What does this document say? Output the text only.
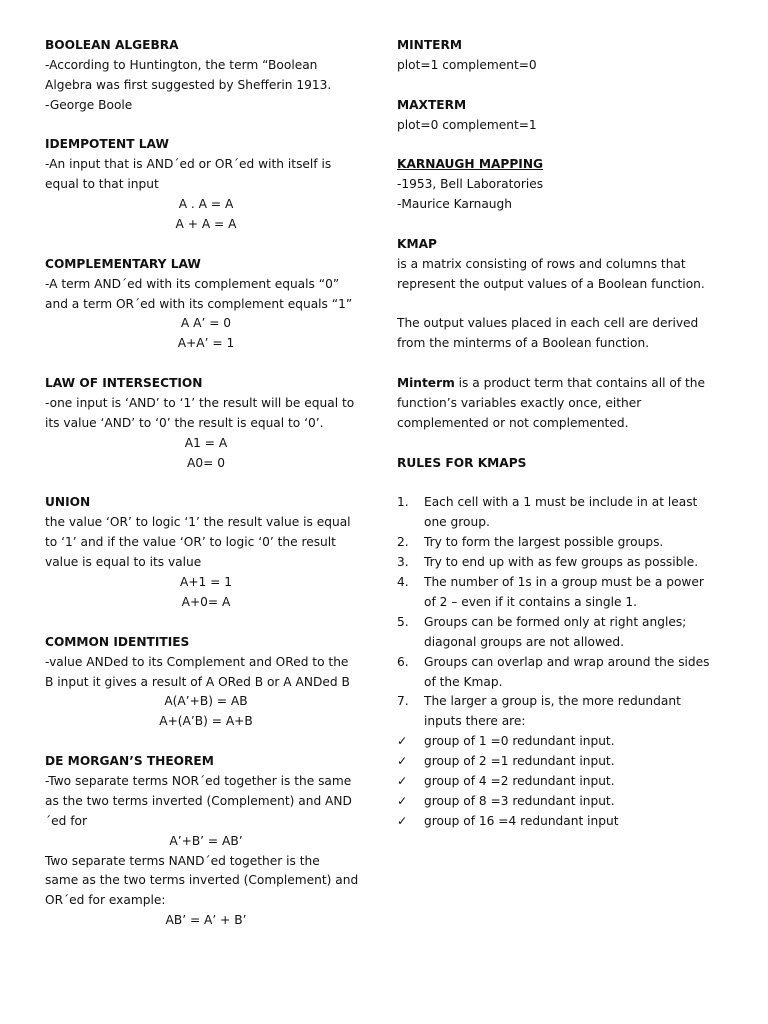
BOOLEAN ALGEBRA
-According to Huntington, the term “Boolean
Algebra was first suggested by Shefferin 1913.
-George Boole
IDEMPOTENT LAW
-An input that is AND´ed or OR´ed with itself is
equal to that input
A . A = A
A + A = A
COMPLEMENTARY LAW
-A term AND´ed with its complement equals “0”
and a term OR´ed with its complement equals “1”
A A’ = 0
A+A’ = 1
LAW OF INTERSECTION
-one input is ‘AND’ to ‘1’ the result will be equal to
its value ‘AND’ to ‘0’ the result is equal to ‘0’.
A1 = A
A0= 0
UNION
the value ‘OR’ to logic ‘1’ the result value is equal
to ‘1’ and if the value ‘OR’ to logic ‘0’ the result
value is equal to its value
A+1 = 1
A+0= A
COMMON IDENTITIES
-value ANDed to its Complement and ORed to the
B input it gives a result of A ORed B or A ANDed B
A(A’+B) = AB
A+(A’B) = A+B
DE MORGAN’S THEOREM
-Two separate terms NOR´ed together is the same
as the two terms inverted (Complement) and AND
´ed for
A’+B’ = AB’
Two separate terms NAND´ed together is the
same as the two terms inverted (Complement) and
OR´ed for example:
AB’ = A’ + B’
MINTERM
plot=1 complement=0
MAXTERM
plot=0 complement=1
KARNAUGH MAPPING
-1953, Bell Laboratories
-Maurice Karnaugh
KMAP
is a matrix consisting of rows and columns that
represent the output values of a Boolean function.
The output values placed in each cell are derived
from the minterms of a Boolean function.
Minterm is a product term that contains all of the
function’s variables exactly once, either
complemented or not complemented.
RULES FOR KMAPS
1.	Each cell with a 1 must be include in at least
one group.
2.	Try to form the largest possible groups.
3.	Try to end up with as few groups as possible.
4.	The number of 1s in a group must be a power
of 2 – even if it contains a single 1.
5.	Groups can be formed only at right angles;
diagonal groups are not allowed.
6.	Groups can overlap and wrap around the sides
of the Kmap.
7.	The larger a group is, the more redundant
inputs there are:
✓	group of 1 =0 redundant input.
✓	group of 2 =1 redundant input.
✓	group of 4 =2 redundant input.
✓	group of 8 =3 redundant input.
✓	group of 16 =4 redundant input
